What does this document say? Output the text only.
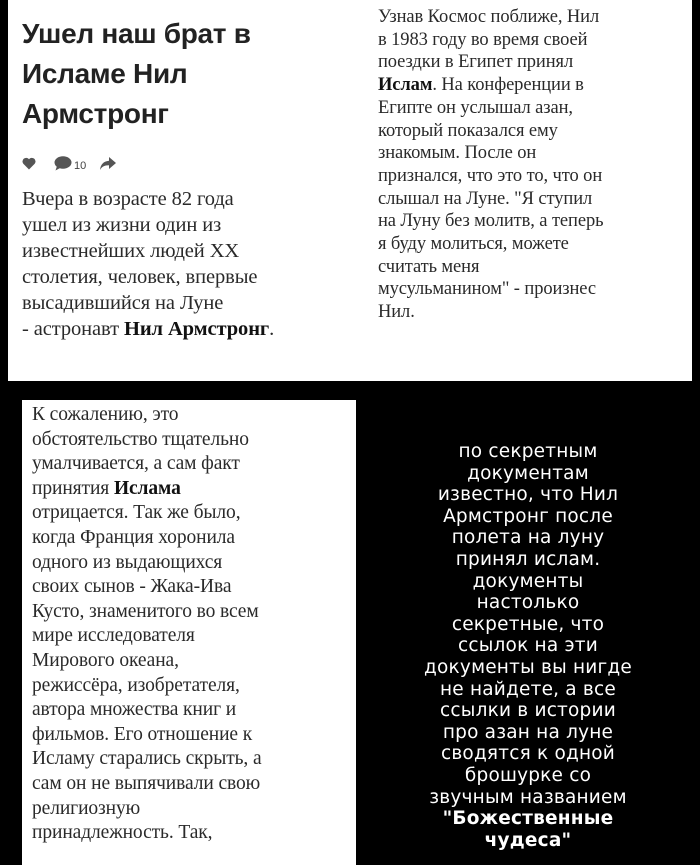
Ушел наш брат в
Исламе Нил
Армстронг
10
Вчера в возрасте 82 года
ушел из жизни один из
известнейших людей XX
столетия, человек, впервые
высадившийся на Луне
- астронавт Нил Армстронг.
Узнав Космос поближе, Нил
в 1983 году во время своей
поездки в Египет принял
Ислам. На конференции в
Египте он услышал азан,
который показался ему
знакомым. После он
признался, что это то, что он
слышал на Луне. "Я ступил
на Луну без молитв, а теперь
я буду молиться, можете
считать меня
мусульманином" - произнес
Нил.
К сожалению, это
обстоятельство тщательно
умалчивается, а сам факт
принятия Ислама
отрицается. Так же было,
когда Франция хоронила
одного из выдающихся
своих сынов - Жака-Ива
Кусто, знаменитого во всем
мире исследователя
Мирового океана,
режиссёра, изобретателя,
автора множества книг и
фильмов. Его отношение к
Исламу старались скрыть, а
сам он не выпячивали свою
религиозную
принадлежность. Так,
по секретным
документам
известно, что Нил
Армстронг после
полета на луну
принял ислам.
документы
настолько
секретные, что
ссылок на эти
документы вы нигде
не найдете, а все
ссылки в истории
про азан на луне
сводятся к одной
брошурке со
звучным названием
"Божественные
чудеса"
